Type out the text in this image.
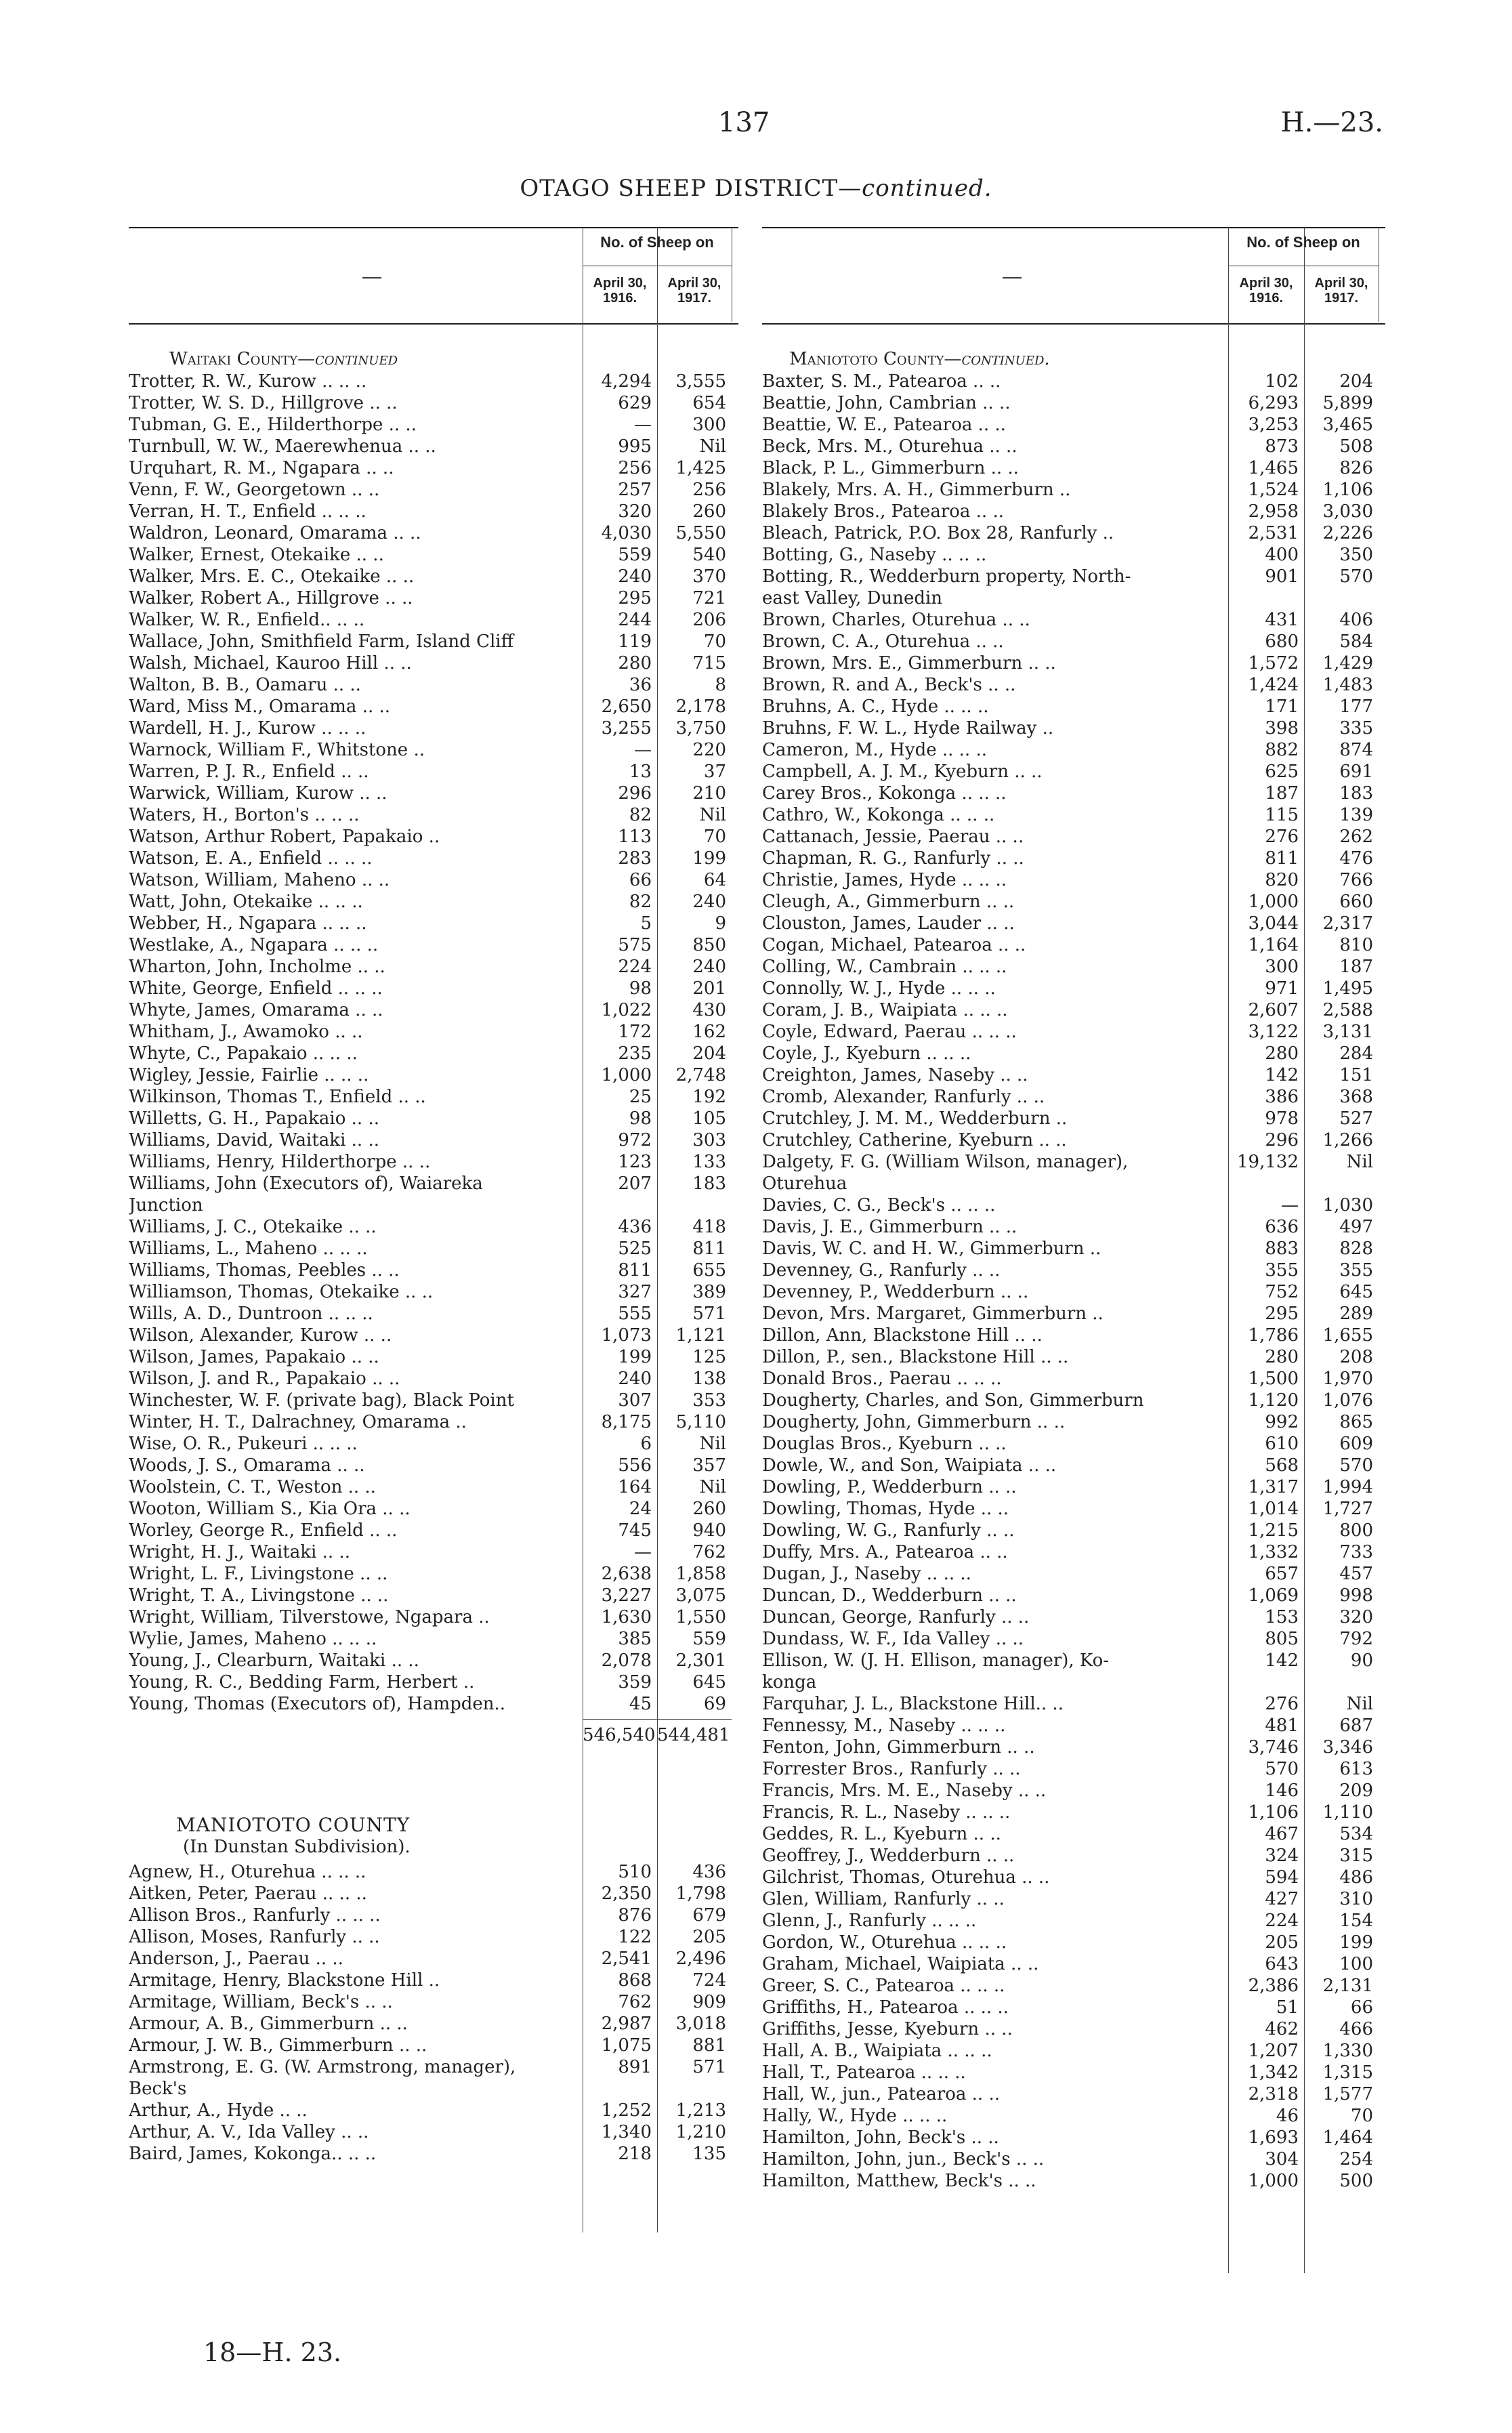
137	H.—23.
OTAGO SHEEP DISTRICT—continued.
—
No. of Sheep on
April 30, 1916.
April 30, 1917.
Waitaki County—continued
Trotter, R. W., Kurow .. .. ..	4,294	3,555
Trotter, W. S. D., Hillgrove .. ..	629	654
Tubman, G. E., Hilderthorpe .. ..	—	300
Turnbull, W. W., Maerewhenua .. ..	995	Nil
Urquhart, R. M., Ngapara .. ..	256	1,425
Venn, F. W., Georgetown .. ..	257	256
Verran, H. T., Enfield .. .. ..	320	260
Waldron, Leonard, Omarama .. ..	4,030	5,550
Walker, Ernest, Otekaike .. ..	559	540
Walker, Mrs. E. C., Otekaike .. ..	240	370
Walker, Robert A., Hillgrove .. ..	295	721
Walker, W. R., Enfield.. .. ..	244	206
Wallace, John, Smithfield Farm, Island Cliff	119	70
Walsh, Michael, Kauroo Hill .. ..	280	715
Walton, B. B., Oamaru .. ..	36	8
Ward, Miss M., Omarama .. ..	2,650	2,178
Wardell, H. J., Kurow .. .. ..	3,255	3,750
Warnock, William F., Whitstone ..	—	220
Warren, P. J. R., Enfield .. ..	13	37
Warwick, William, Kurow .. ..	296	210
Waters, H., Borton's .. .. ..	82	Nil
Watson, Arthur Robert, Papakaio ..	113	70
Watson, E. A., Enfield .. .. ..	283	199
Watson, William, Maheno .. ..	66	64
Watt, John, Otekaike .. .. ..	82	240
Webber, H., Ngapara .. .. ..	5	9
Westlake, A., Ngapara .. .. ..	575	850
Wharton, John, Incholme .. ..	224	240
White, George, Enfield .. .. ..	98	201
Whyte, James, Omarama .. ..	1,022	430
Whitham, J., Awamoko .. ..	172	162
Whyte, C., Papakaio .. .. ..	235	204
Wigley, Jessie, Fairlie .. .. ..	1,000	2,748
Wilkinson, Thomas T., Enfield .. ..	25	192
Willetts, G. H., Papakaio .. ..	98	105
Williams, David, Waitaki .. ..	972	303
Williams, Henry, Hilderthorpe .. ..	123	133
Williams, John (Executors of), Waiareka	207	183
Junction
Williams, J. C., Otekaike .. ..	436	418
Williams, L., Maheno .. .. ..	525	811
Williams, Thomas, Peebles .. ..	811	655
Williamson, Thomas, Otekaike .. ..	327	389
Wills, A. D., Duntroon .. .. ..	555	571
Wilson, Alexander, Kurow .. ..	1,073	1,121
Wilson, James, Papakaio .. ..	199	125
Wilson, J. and R., Papakaio .. ..	240	138
Winchester, W. F. (private bag), Black Point	307	353
Winter, H. T., Dalrachney, Omarama ..	8,175	5,110
Wise, O. R., Pukeuri .. .. ..	6	Nil
Woods, J. S., Omarama .. ..	556	357
Woolstein, C. T., Weston .. ..	164	Nil
Wooton, William S., Kia Ora .. ..	24	260
Worley, George R., Enfield .. ..	745	940
Wright, H. J., Waitaki .. ..	—	762
Wright, L. F., Livingstone .. ..	2,638	1,858
Wright, T. A., Livingstone .. ..	3,227	3,075
Wright, William, Tilverstowe, Ngapara ..	1,630	1,550
Wylie, James, Maheno .. .. ..	385	559
Young, J., Clearburn, Waitaki .. ..	2,078	2,301
Young, R. C., Bedding Farm, Herbert ..	359	645
Young, Thomas (Executors of), Hampden..	45	69
546,540 544,481
MANIOTOTO COUNTY
(In Dunstan Subdivision).
Agnew, H., Oturehua .. .. ..	510	436
Aitken, Peter, Paerau .. .. ..	2,350	1,798
Allison Bros., Ranfurly .. .. ..	876	679
Allison, Moses, Ranfurly .. ..	122	205
Anderson, J., Paerau .. ..	2,541	2,496
Armitage, Henry, Blackstone Hill ..	868	724
Armitage, William, Beck's .. ..	762	909
Armour, A. B., Gimmerburn .. ..	2,987	3,018
Armour, J. W. B., Gimmerburn .. ..	1,075	881
Armstrong, E. G. (W. Armstrong, manager),	891	571
Beck's
Arthur, A., Hyde .. ..	1,252	1,213
Arthur, A. V., Ida Valley .. ..	1,340	1,210
Baird, James, Kokonga.. .. ..	218	135
—
No. of Sheep on
April 30, 1916.
April 30, 1917.
Maniototo County—continued.
Baxter, S. M., Patearoa .. ..	102	204
Beattie, John, Cambrian .. ..	6,293	5,899
Beattie, W. E., Patearoa .. ..	3,253	3,465
Beck, Mrs. M., Oturehua .. ..	873	508
Black, P. L., Gimmerburn .. ..	1,465	826
Blakely, Mrs. A. H., Gimmerburn ..	1,524	1,106
Blakely Bros., Patearoa .. ..	2,958	3,030
Bleach, Patrick, P.O. Box 28, Ranfurly ..	2,531	2,226
Botting, G., Naseby .. .. ..	400	350
Botting, R., Wedderburn property, North-	901	570
east Valley, Dunedin
Brown, Charles, Oturehua .. ..	431	406
Brown, C. A., Oturehua .. ..	680	584
Brown, Mrs. E., Gimmerburn .. ..	1,572	1,429
Brown, R. and A., Beck's .. ..	1,424	1,483
Bruhns, A. C., Hyde .. .. ..	171	177
Bruhns, F. W. L., Hyde Railway ..	398	335
Cameron, M., Hyde .. .. ..	882	874
Campbell, A. J. M., Kyeburn .. ..	625	691
Carey Bros., Kokonga .. .. ..	187	183
Cathro, W., Kokonga .. .. ..	115	139
Cattanach, Jessie, Paerau .. ..	276	262
Chapman, R. G., Ranfurly .. ..	811	476
Christie, James, Hyde .. .. ..	820	766
Cleugh, A., Gimmerburn .. ..	1,000	660
Clouston, James, Lauder .. ..	3,044	2,317
Cogan, Michael, Patearoa .. ..	1,164	810
Colling, W., Cambrain .. .. ..	300	187
Connolly, W. J., Hyde .. .. ..	971	1,495
Coram, J. B., Waipiata .. .. ..	2,607	2,588
Coyle, Edward, Paerau .. .. ..	3,122	3,131
Coyle, J., Kyeburn .. .. ..	280	284
Creighton, James, Naseby .. ..	142	151
Cromb, Alexander, Ranfurly .. ..	386	368
Crutchley, J. M. M., Wedderburn ..	978	527
Crutchley, Catherine, Kyeburn .. ..	296	1,266
Dalgety, F. G. (William Wilson, manager),	19,132	Nil
Oturehua
Davies, C. G., Beck's .. .. ..	—	1,030
Davis, J. E., Gimmerburn .. ..	636	497
Davis, W. C. and H. W., Gimmerburn ..	883	828
Devenney, G., Ranfurly .. ..	355	355
Devenney, P., Wedderburn .. ..	752	645
Devon, Mrs. Margaret, Gimmerburn ..	295	289
Dillon, Ann, Blackstone Hill .. ..	1,786	1,655
Dillon, P., sen., Blackstone Hill .. ..	280	208
Donald Bros., Paerau .. .. ..	1,500	1,970
Dougherty, Charles, and Son, Gimmerburn	1,120	1,076
Dougherty, John, Gimmerburn .. ..	992	865
Douglas Bros., Kyeburn .. ..	610	609
Dowle, W., and Son, Waipiata .. ..	568	570
Dowling, P., Wedderburn .. ..	1,317	1,994
Dowling, Thomas, Hyde .. ..	1,014	1,727
Dowling, W. G., Ranfurly .. ..	1,215	800
Duffy, Mrs. A., Patearoa .. ..	1,332	733
Dugan, J., Naseby .. .. ..	657	457
Duncan, D., Wedderburn .. ..	1,069	998
Duncan, George, Ranfurly .. ..	153	320
Dundass, W. F., Ida Valley .. ..	805	792
Ellison, W. (J. H. Ellison, manager), Ko-	142	90
konga
Farquhar, J. L., Blackstone Hill.. ..	276	Nil
Fennessy, M., Naseby .. .. ..	481	687
Fenton, John, Gimmerburn .. ..	3,746	3,346
Forrester Bros., Ranfurly .. ..	570	613
Francis, Mrs. M. E., Naseby .. ..	146	209
Francis, R. L., Naseby .. .. ..	1,106	1,110
Geddes, R. L., Kyeburn .. ..	467	534
Geoffrey, J., Wedderburn .. ..	324	315
Gilchrist, Thomas, Oturehua .. ..	594	486
Glen, William, Ranfurly .. ..	427	310
Glenn, J., Ranfurly .. .. ..	224	154
Gordon, W., Oturehua .. .. ..	205	199
Graham, Michael, Waipiata .. ..	643	100
Greer, S. C., Patearoa .. .. ..	2,386	2,131
Griffiths, H., Patearoa .. .. ..	51	66
Griffiths, Jesse, Kyeburn .. ..	462	466
Hall, A. B., Waipiata .. .. ..	1,207	1,330
Hall, T., Patearoa .. .. ..	1,342	1,315
Hall, W., jun., Patearoa .. ..	2,318	1,577
Hally, W., Hyde .. .. ..	46	70
Hamilton, John, Beck's .. ..	1,693	1,464
Hamilton, John, jun., Beck's .. ..	304	254
Hamilton, Matthew, Beck's .. ..	1,000	500
18—H. 23.
